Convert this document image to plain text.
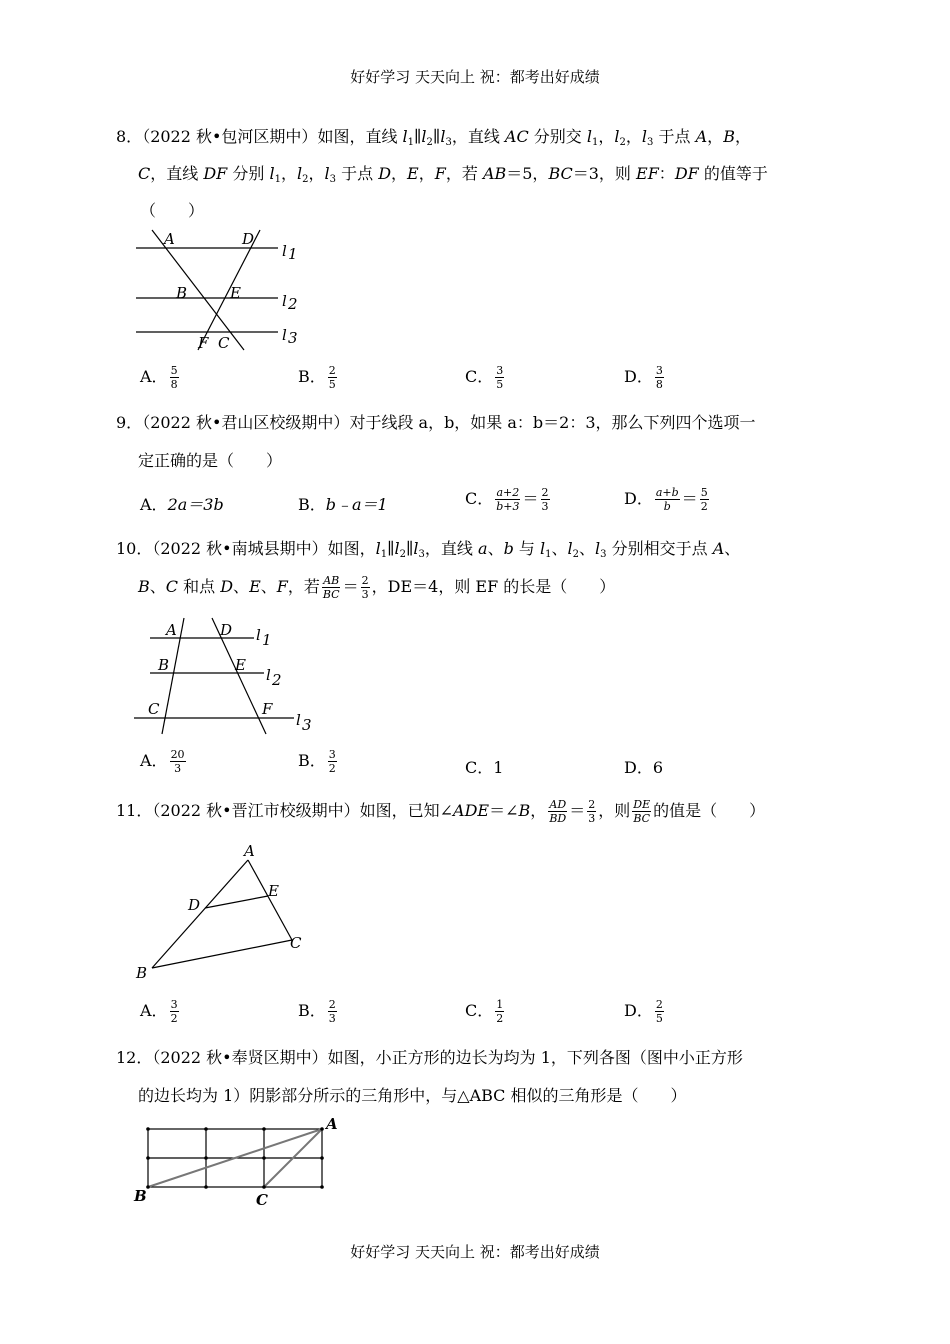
好好学习 天天向上 祝：都考出好成绩
8．（2022 秋•包河区期中）如图，直线 $l_1\parallel l_2\parallel l_3$，直线 AC 分别交 $l_1$，$l_2$，$l_3$ 于点 A，B，
C，直线 DF 分别 $l_1$，$l_2$，$l_3$ 于点 D，E，F，若 AB＝5，BC＝3，则 EF：DF 的值等于
（　　）
A	D
B	E
F C
l 1
l 2
l 3
A． $\frac{5}{8}$	B． $\frac{2}{5}$	C． $\frac{3}{5}$	D． $\frac{3}{8}$
9．（2022 秋•君山区校级期中）对于线段 a，b，如果 a：b＝2：3，那么下列四个选项一
定正确的是（　　）
A．2a＝3b	B．b﹣a＝1	C． $\frac{a+2}{b+3} = \frac{2}{3}$	D． $\frac{a+b}{b} = \frac{5}{2}$
10．（2022 秋•南城县期中）如图，$l_1\parallel l_2\parallel l_3$，直线 a、b 与 $l_1$、$l_2$、$l_3$ 分别相交于点 A、
B、C 和点 D、E、F，若 $\frac{AB}{BC} = \frac{2}{3}$ ，DE＝4，则 EF 的长是（　　）
A	D
B	E
C	F
l 1
l 2
l 3
A． $\frac{20}{3}$	B． $\frac{3}{2}$	C．1	D．6
11．（2022 秋•晋江市校级期中）如图，已知∠ADE＝∠B， $\frac{AD}{BD} = \frac{2}{3}$ ，则 $\frac{DE}{BC}$ 的值是（　　）
A
D
E
B
C
A． $\frac{3}{2}$	B． $\frac{2}{3}$	C． $\frac{1}{2}$	D． $\frac{2}{5}$
12．（2022 秋•奉贤区期中）如图，小正方形的边长为均为 1，下列各图（图中小正方形
的边长均为 1）阴影部分所示的三角形中，与△ABC 相似的三角形是（　　）
A
B	C
好好学习 天天向上 祝：都考出好成绩
